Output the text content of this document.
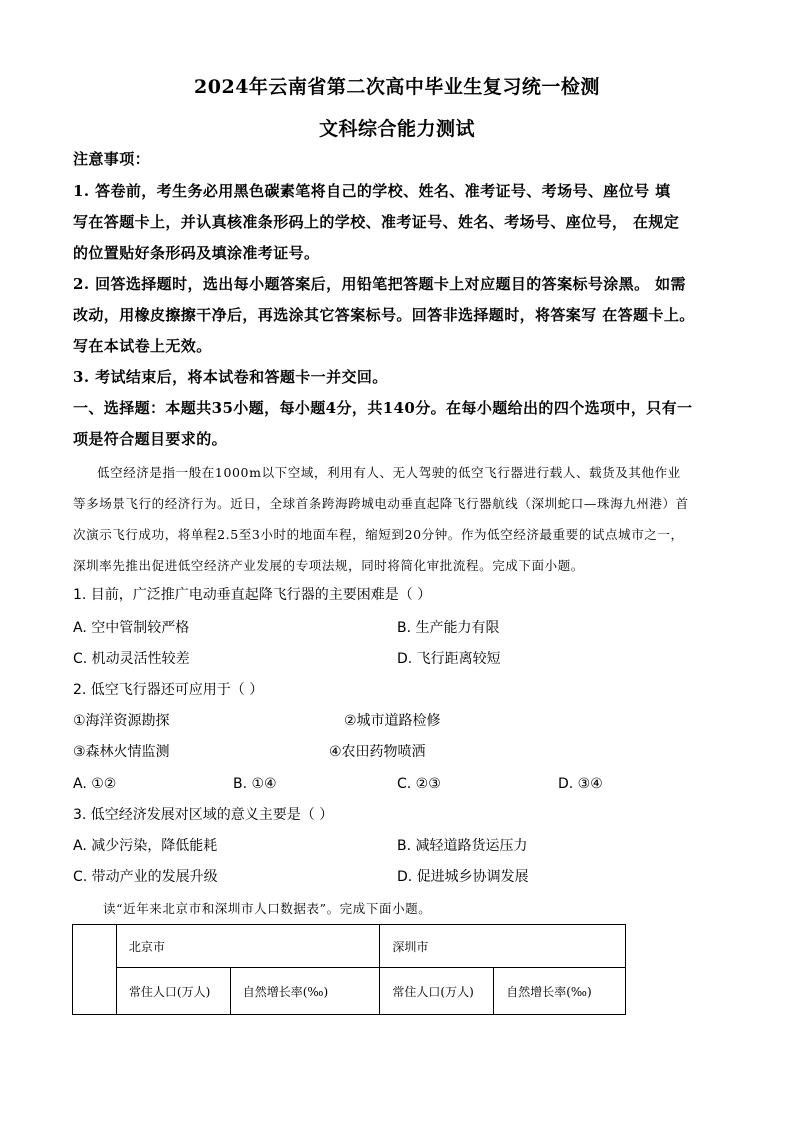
2024年云南省第二次高中毕业生复习统一检测
文科综合能力测试
注意事项：
1. 答卷前，考生务必用黑色碳素笔将自己的学校、姓名、准考证号、考场号、座位号 填
写在答题卡上，并认真核准条形码上的学校、准考证号、姓名、考场号、座位号， 在规定
的位置贴好条形码及填涂准考证号。
2. 回答选择题时，选出每小题答案后，用铅笔把答题卡上对应题目的答案标号涂黑。 如需
改动，用橡皮擦擦干净后，再选涂其它答案标号。回答非选择题时，将答案写 在答题卡上。
写在本试卷上无效。
3. 考试结束后，将本试卷和答题卡一并交回。
一、选择题：本题共35小题，每小题4分，共140分。在每小题给出的四个选项中，只有一
项是符合题目要求的。
低空经济是指一般在1000m以下空域，利用有人、无人驾驶的低空飞行器进行载人、载货及其他作业
等多场景飞行的经济行为。近日，全球首条跨海跨城电动垂直起降飞行器航线（深圳蛇口—珠海九州港）首
次演示飞行成功，将单程2.5至3小时的地面车程，缩短到20分钟。作为低空经济最重要的试点城市之一，
深圳率先推出促进低空经济产业发展的专项法规，同时将简化审批流程。完成下面小题。
1. 目前，广泛推广电动垂直起降飞行器的主要困难是（ ）
A. 空中管制较严格	B. 生产能力有限
C. 机动灵活性较差	D. 飞行距离较短
2. 低空飞行器还可应用于（ ）
①海洋资源勘探	②城市道路检修
③森林火情监测	④农田药物喷洒
A. ①②	B. ①④	C. ②③	D. ③④
3. 低空经济发展对区域的意义主要是（ ）
A. 减少污染，降低能耗	B. 减轻道路货运压力
C. 带动产业的发展升级	D. 促进城乡协调发展
读“近年来北京市和深圳市人口数据表”。完成下面小题。
	北京市		深圳市	
	常住人口(万人)	自然增长率(‰)	常住人口(万人)	自然增长率(‰)
